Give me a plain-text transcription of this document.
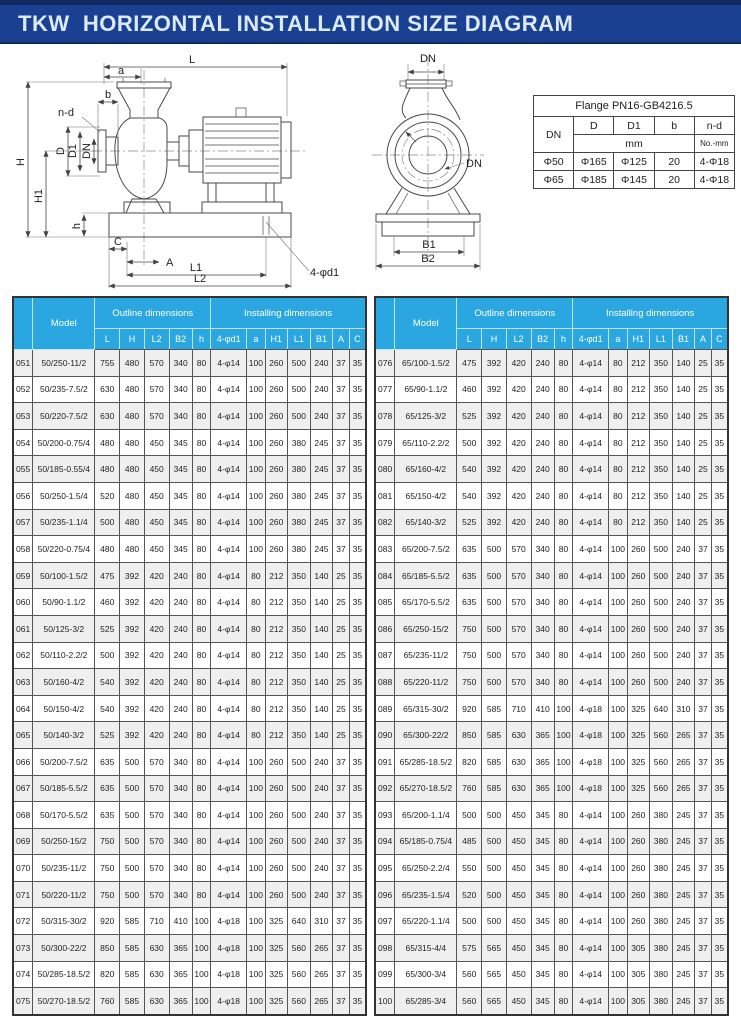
TKW  HORIZONTAL INSTALLATION SIZE DIAGRAM
L
a
b
n-d
H
H1
D D1 DN
h
C
A L1
L2	4-φd1
DN
DN
B1
B2
Flange PN16-GB4216.5				
DN	D	D1	b	n-d
	mm			No.-mm
Φ50	Φ165	Φ125	20	4-Φ18
Φ65	Φ185	Φ145	20	4-Φ18
	Model	Outline dimensions					Installing dimensions						
		L	H	L2	B2	h	4-φd1	a	H1	L1	B1	A	C
051	50/250-11/2	755	480	570	340	80	4-φ14	100	260	500	240	37	35
052	50/235-7.5/2	630	480	570	340	80	4-φ14	100	260	500	240	37	35
053	50/220-7.5/2	630	480	570	340	80	4-φ14	100	260	500	240	37	35
054	50/200-0.75/4	480	480	450	345	80	4-φ14	100	260	380	245	37	35
055	50/185-0.55/4	480	480	450	345	80	4-φ14	100	260	380	245	37	35
056	50/250-1.5/4	520	480	450	345	80	4-φ14	100	260	380	245	37	35
057	50/235-1.1/4	500	480	450	345	80	4-φ14	100	260	380	245	37	35
058	50/220-0.75/4	480	480	450	345	80	4-φ14	100	260	380	245	37	35
059	50/100-1.5/2	475	392	420	240	80	4-φ14	80	212	350	140	25	35
060	50/90-1.1/2	460	392	420	240	80	4-φ14	80	212	350	140	25	35
061	50/125-3/2	525	392	420	240	80	4-φ14	80	212	350	140	25	35
062	50/110-2.2/2	500	392	420	240	80	4-φ14	80	212	350	140	25	35
063	50/160-4/2	540	392	420	240	80	4-φ14	80	212	350	140	25	35
064	50/150-4/2	540	392	420	240	80	4-φ14	80	212	350	140	25	35
065	50/140-3/2	525	392	420	240	80	4-φ14	80	212	350	140	25	35
066	50/200-7.5/2	635	500	570	340	80	4-φ14	100	260	500	240	37	35
067	50/185-5.5/2	635	500	570	340	80	4-φ14	100	260	500	240	37	35
068	50/170-5.5/2	635	500	570	340	80	4-φ14	100	260	500	240	37	35
069	50/250-15/2	750	500	570	340	80	4-φ14	100	260	500	240	37	35
070	50/235-11/2	750	500	570	340	80	4-φ14	100	260	500	240	37	35
071	50/220-11/2	750	500	570	340	80	4-φ14	100	260	500	240	37	35
072	50/315-30/2	920	585	710	410	100	4-φ18	100	325	640	310	37	35
073	50/300-22/2	850	585	630	365	100	4-φ18	100	325	560	265	37	35
074	50/285-18.5/2	820	585	630	365	100	4-φ18	100	325	560	265	37	35
075	50/270-18.5/2	760	585	630	365	100	4-φ18	100	325	560	265	37	35
	Model	Outline dimensions					Installing dimensions						
		L	H	L2	B2	h	4-φd1	a	H1	L1	B1	A	C
076	65/100-1.5/2	475	392	420	240	80	4-φ14	80	212	350	140	25	35
077	65/90-1.1/2	460	392	420	240	80	4-φ14	80	212	350	140	25	35
078	65/125-3/2	525	392	420	240	80	4-φ14	80	212	350	140	25	35
079	65/110-2.2/2	500	392	420	240	80	4-φ14	80	212	350	140	25	35
080	65/160-4/2	540	392	420	240	80	4-φ14	80	212	350	140	25	35
081	65/150-4/2	540	392	420	240	80	4-φ14	80	212	350	140	25	35
082	65/140-3/2	525	392	420	240	80	4-φ14	80	212	350	140	25	35
083	65/200-7.5/2	635	500	570	340	80	4-φ14	100	260	500	240	37	35
084	65/185-5.5/2	635	500	570	340	80	4-φ14	100	260	500	240	37	35
085	65/170-5.5/2	635	500	570	340	80	4-φ14	100	260	500	240	37	35
086	65/250-15/2	750	500	570	340	80	4-φ14	100	260	500	240	37	35
087	65/235-11/2	750	500	570	340	80	4-φ14	100	260	500	240	37	35
088	65/220-11/2	750	500	570	340	80	4-φ14	100	260	500	240	37	35
089	65/315-30/2	920	585	710	410	100	4-φ18	100	325	640	310	37	35
090	65/300-22/2	850	585	630	365	100	4-φ18	100	325	560	265	37	35
091	65/285-18.5/2	820	585	630	365	100	4-φ18	100	325	560	265	37	35
092	65/270-18.5/2	760	585	630	365	100	4-φ18	100	325	560	265	37	35
093	65/200-1.1/4	500	500	450	345	80	4-φ14	100	260	380	245	37	35
094	65/185-0.75/4	485	500	450	345	80	4-φ14	100	260	380	245	37	35
095	65/250-2.2/4	550	500	450	345	80	4-φ14	100	260	380	245	37	35
096	65/235-1.5/4	520	500	450	345	80	4-φ14	100	260	380	245	37	35
097	65/220-1.1/4	500	500	450	345	80	4-φ14	100	260	380	245	37	35
098	65/315-4/4	575	565	450	345	80	4-φ14	100	305	380	245	37	35
099	65/300-3/4	560	565	450	345	80	4-φ14	100	305	380	245	37	35
100	65/285-3/4	560	565	450	345	80	4-φ14	100	305	380	245	37	35
